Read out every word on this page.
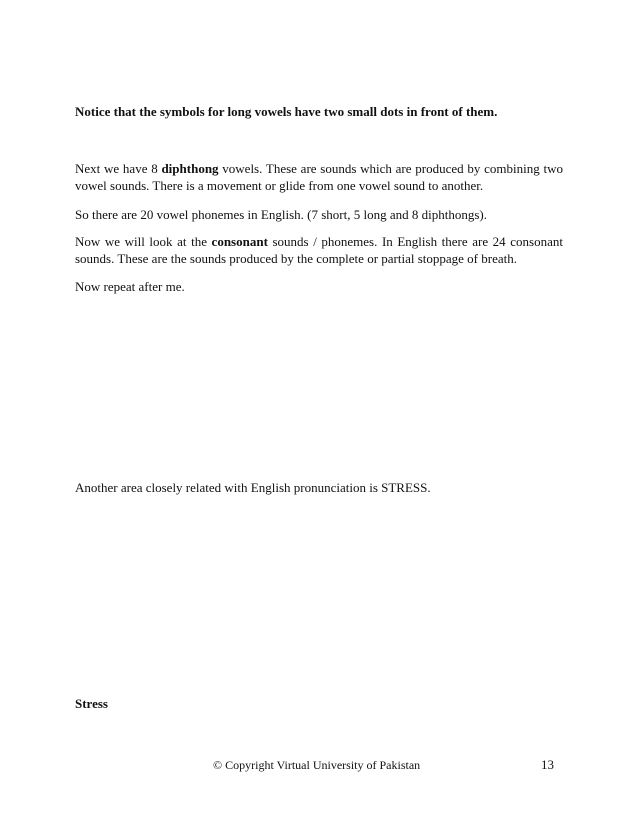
Notice that the symbols for long vowels have two small dots in front of them.

Next we have 8 diphthong vowels. These are sounds which are produced by combining two vowel sounds. There is a movement or glide from one vowel sound to another.

So there are 20 vowel phonemes in English. (7 short, 5 long and 8 diphthongs).

Now we will look at the consonant sounds / phonemes. In English there are 24 consonant sounds. These are the sounds produced by the complete or partial stoppage of breath.

Now repeat after me.

Another area closely related with English pronunciation is STRESS.

Stress

© Copyright Virtual University of Pakistan	13
